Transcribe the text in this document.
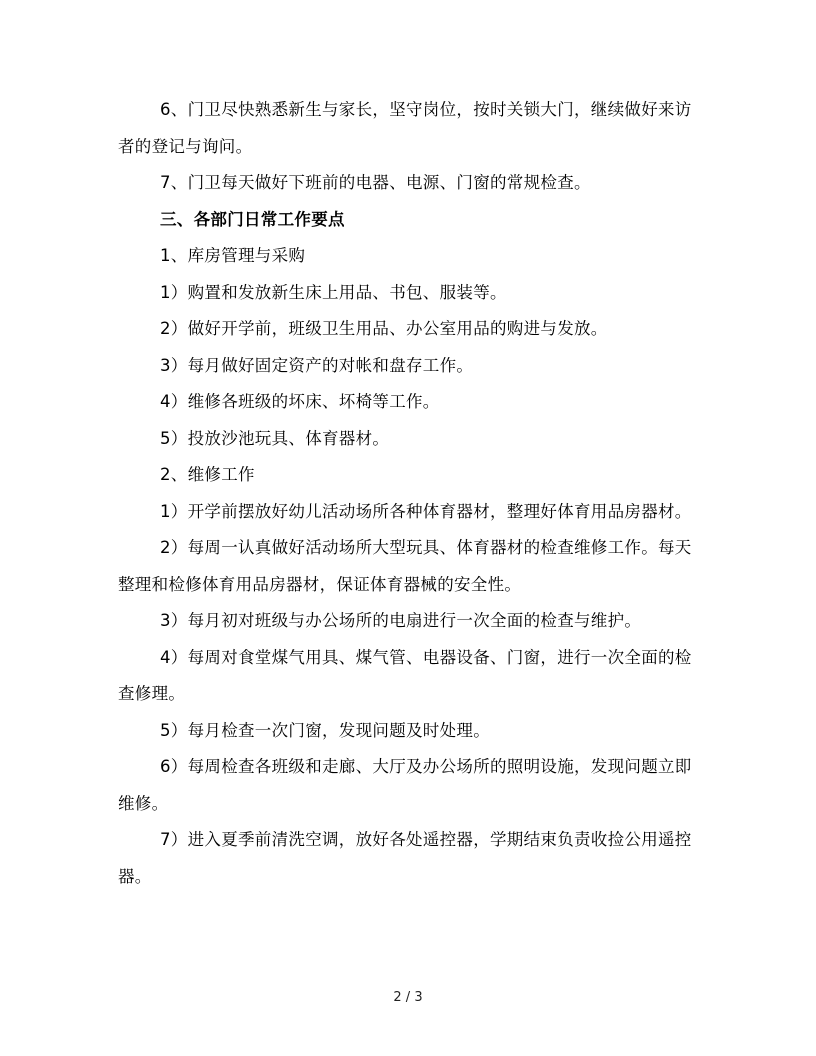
6、门卫尽快熟悉新生与家长，坚守岗位，按时关锁大门，继续做好来访者的登记与询问。

7、门卫每天做好下班前的电器、电源、门窗的常规检查。

三、各部门日常工作要点

1、库房管理与采购

1）购置和发放新生床上用品、书包、服装等。

2）做好开学前，班级卫生用品、办公室用品的购进与发放。

3）每月做好固定资产的对帐和盘存工作。

4）维修各班级的坏床、坏椅等工作。

5）投放沙池玩具、体育器材。

2、维修工作

1）开学前摆放好幼儿活动场所各种体育器材，整理好体育用品房器材。

2）每周一认真做好活动场所大型玩具、体育器材的检查维修工作。每天整理和检修体育用品房器材，保证体育器械的安全性。

3）每月初对班级与办公场所的电扇进行一次全面的检查与维护。

4）每周对食堂煤气用具、煤气管、电器设备、门窗，进行一次全面的检查修理。

5）每月检查一次门窗，发现问题及时处理。

6）每周检查各班级和走廊、大厅及办公场所的照明设施，发现问题立即维修。

7）进入夏季前清洗空调，放好各处遥控器，学期结束负责收捡公用遥控器。

2 / 3
